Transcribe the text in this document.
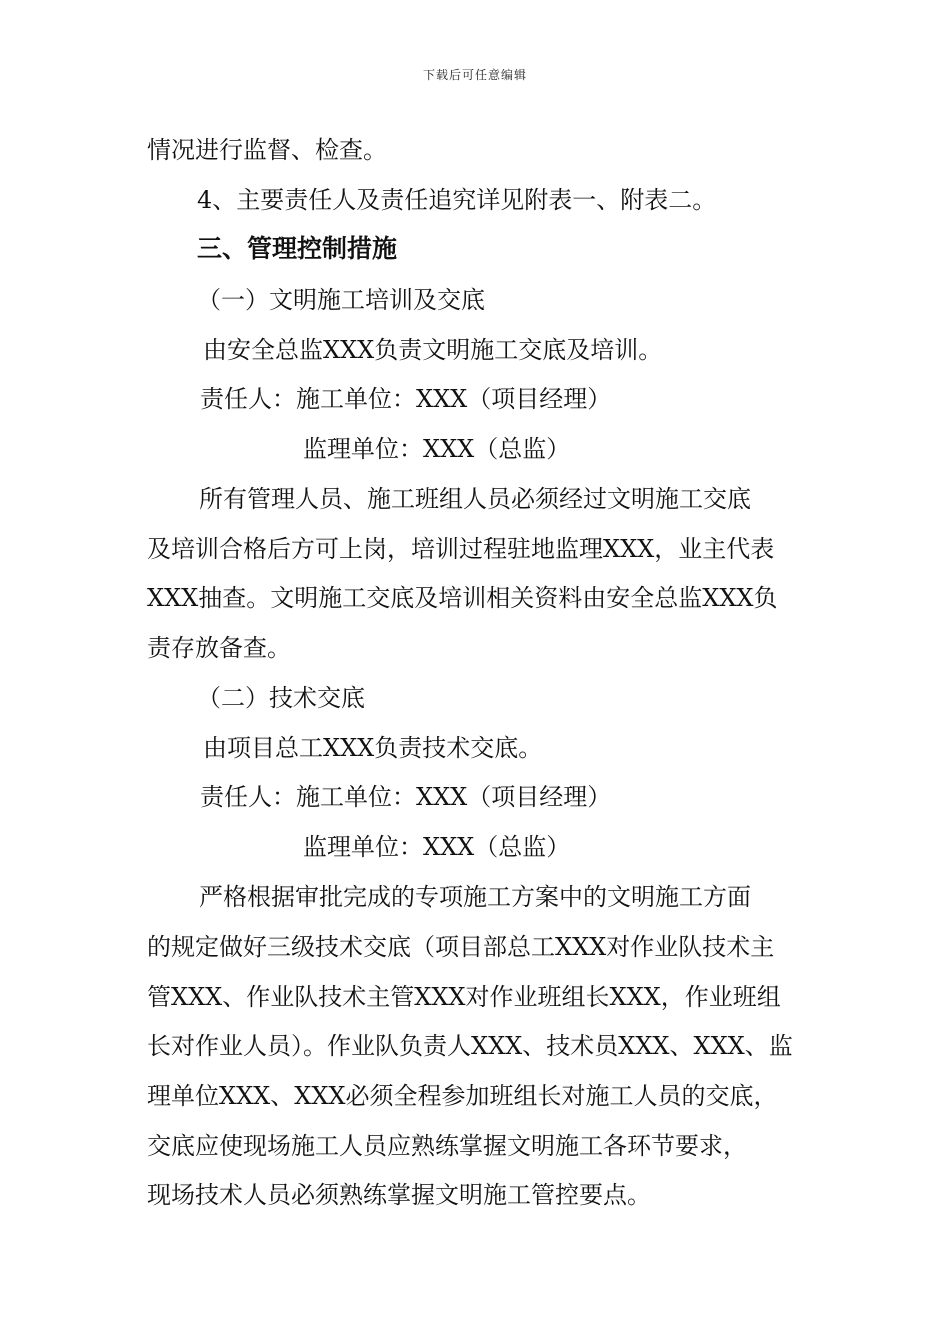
下载后可任意编辑
情况进行监督、检查。
4、主要责任人及责任追究详见附表一、附表二。
三、管理控制措施
（一）文明施工培训及交底
由安全总监XXX负责文明施工交底及培训。
责任人：施工单位：XXX（项目经理）
监理单位：XXX（总监）
所有管理人员、施工班组人员必须经过文明施工交底
及培训合格后方可上岗，培训过程驻地监理XXX，业主代表
XXX抽查。文明施工交底及培训相关资料由安全总监XXX负
责存放备查。
（二）技术交底
由项目总工XXX负责技术交底。
责任人：施工单位：XXX（项目经理）
监理单位：XXX（总监）
严格根据审批完成的专项施工方案中的文明施工方面
的规定做好三级技术交底（项目部总工XXX对作业队技术主
管XXX、作业队技术主管XXX对作业班组长XXX，作业班组
长对作业人员）。作业队负责人XXX、技术员XXX、XXX、监
理单位XXX、XXX必须全程参加班组长对施工人员的交底，
交底应使现场施工人员应熟练掌握文明施工各环节要求，
现场技术人员必须熟练掌握文明施工管控要点。
